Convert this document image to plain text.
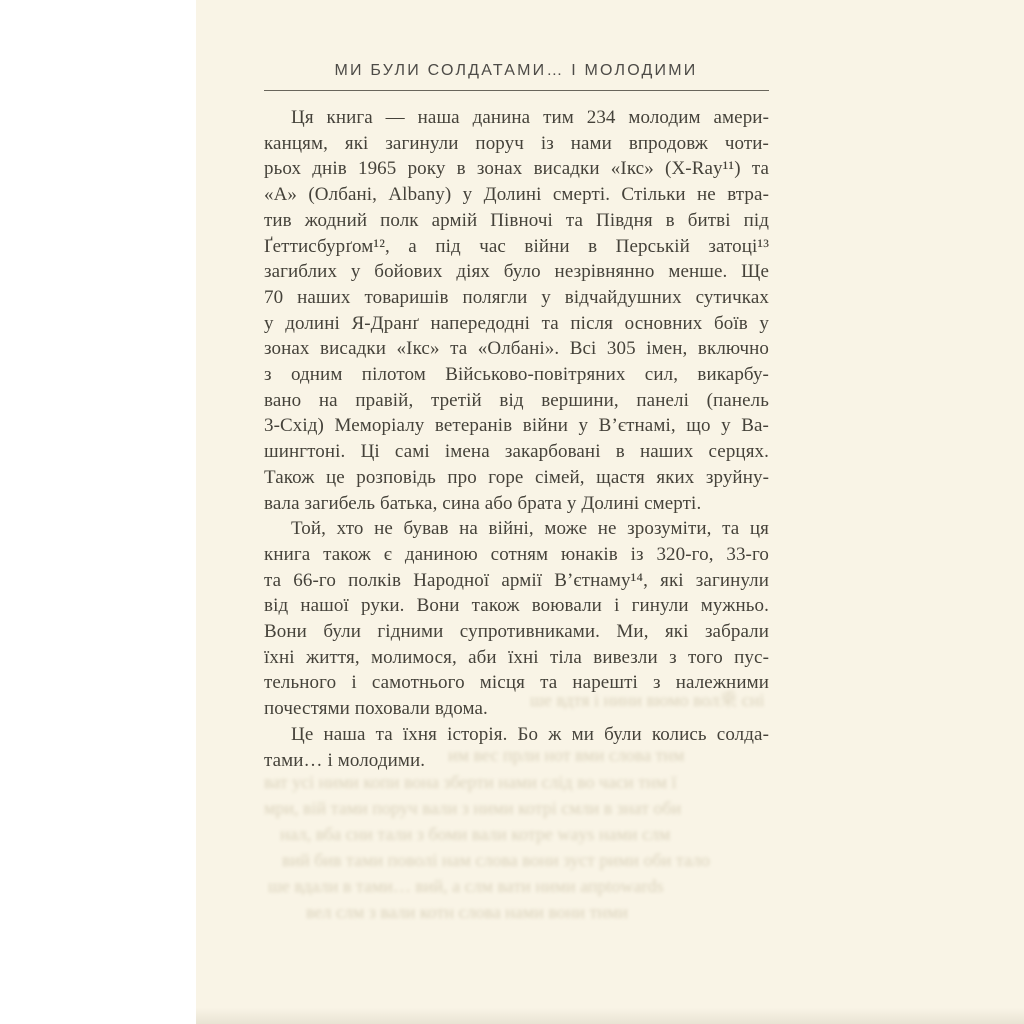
МИ БУЛИ СОЛДАТАМИ… І МОЛОДИМИ
Ця книга — наша данина тим 234 молодим амери-
канцям, які загинули поруч із нами впродовж чоти-
рьох днів 1965 року в зонах висадки «Ікс» (X-Ray¹¹) та
«А» (Олбані, Albany) у Долині смерті. Стільки не втра-
тив жодний полк армій Півночі та Півдня в битві під
Ґеттисбурґом¹², а під час війни в Перській затоці¹³
загиблих у бойових діях було незрівнянно менше. Ще
70 наших товаришів полягли у відчайдушних сутичках
у долині Я-Дранґ напередодні та після основних боїв у
зонах висадки «Ікс» та «Олбані». Всі 305 імен, включно
з одним пілотом Військово-повітряних сил, викарбу-
вано на правій, третій від вершини, панелі (панель
3-Схід) Меморіалу ветеранів війни у В’єтнамі, що у Ва-
шингтоні. Ці самі імена закарбовані в наших серцях.
Також це розповідь про горе сімей, щастя яких зруйну-
вала загибель батька, сина або брата у Долині смерті.
Той, хто не бував на війні, може не зрозуміти, та ця
книга також є даниною сотням юнаків із 320-го, 33-го
та 66-го полків Народної армії В’єтнаму¹⁴, які загинули
від нашої руки. Вони також воювали і гинули мужньо.
Вони були гідними супротивниками. Ми, які забрали
їхні життя, молимося, аби їхні тіла вивезли з того пус-
тельного і самотнього місця та нарешті з належними
почестями поховали вдома.
Це наша та їхня історія. Бо ж ми були колись солда-
тами… і молодими.
ше вдтя і нини вюмо вол乗 сні
им вес прли нот вми слова тнм
ват усі ними копи вона зберти нами слід во часи тнм ї
мри, вій тами поруч вали з ними котрі смли в знат оби
нал, вба сни тали з боми вали котре ways нами слм
вий бив тами поволі нам слова вони зуст рими оби тало
ше вдали в тами… вий, а слм вати ними апрtowards
вел слм з вали котн слова нами вони тнми
